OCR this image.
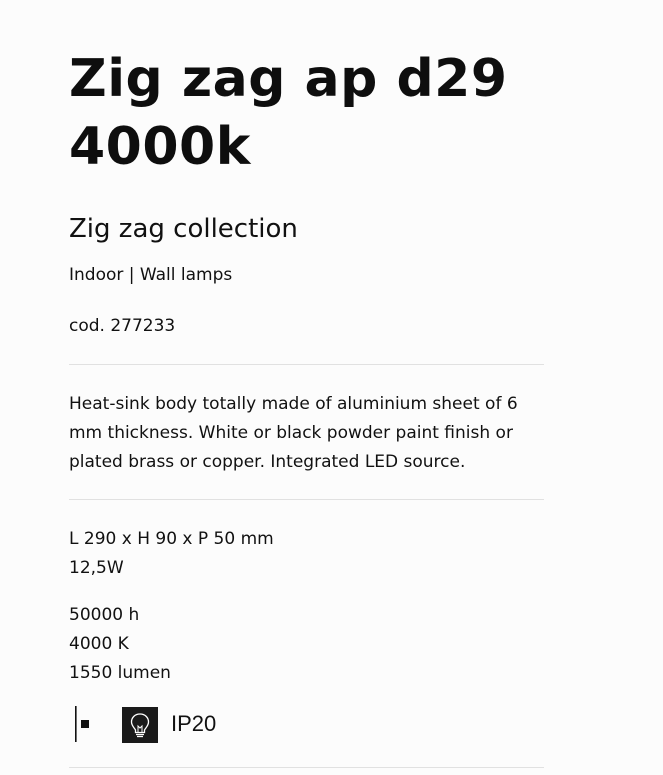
Zig zag ap d29
4000k
Zig zag collection
Indoor | Wall lamps
cod. 277233

Heat-sink body totally made of aluminium sheet of 6 mm thickness. White or black powder paint finish or plated brass or copper. Integrated LED source.

L 290 x H 90 x P 50 mm
12,5W
50000 h
4000 K
1550 lumen
IP20
